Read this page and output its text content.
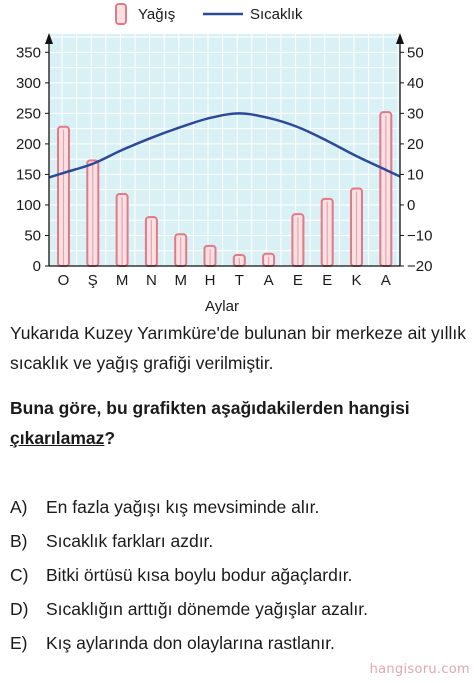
Yağış	Sıcaklık
0
50
100
150
200
250
300
350
−20
−10
0
10
20
30
40
50
O Ş M N M H T A E E K A
Aylar
Yukarıda Kuzey Yarımküre'de bulunan bir merkeze ait yıllık sıcaklık ve yağış grafiği verilmiştir.
Buna göre, bu grafikten aşağıdakilerden hangisi çıkarılamaz?
A)	En fazla yağışı kış mevsiminde alır.
B)	Sıcaklık farkları azdır.
C)	Bitki örtüsü kısa boylu bodur ağaçlardır.
D)	Sıcaklığın arttığı dönemde yağışlar azalır.
E)	Kış aylarında don olaylarına rastlanır.
hangisoru.com
